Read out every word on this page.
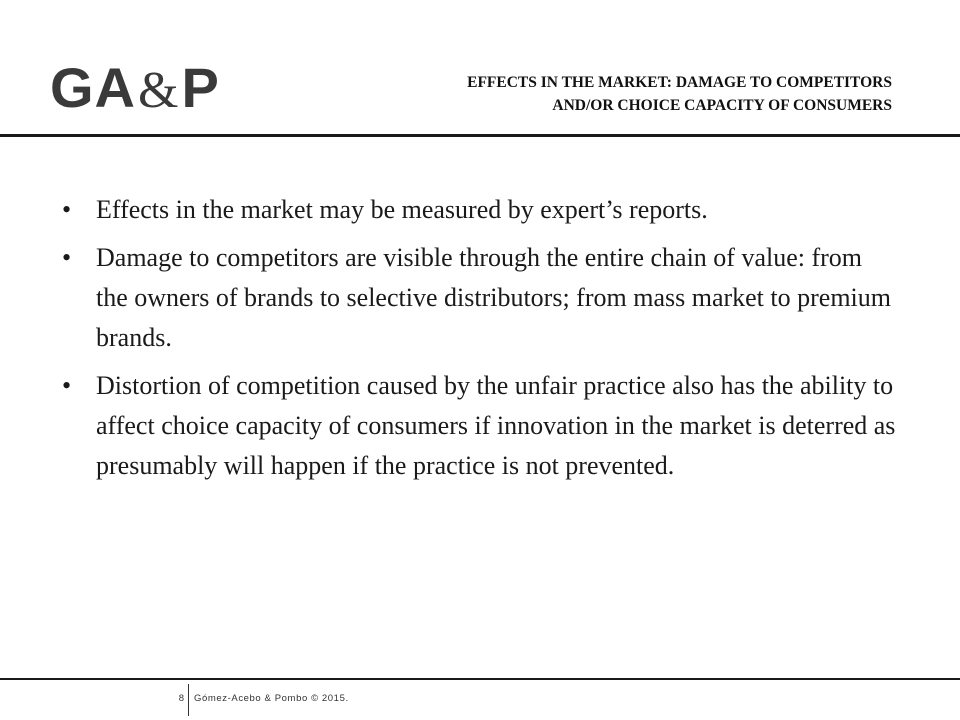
GA&P	EFFECTS IN THE MARKET: DAMAGE TO COMPETITORS
AND/OR CHOICE CAPACITY OF CONSUMERS
• Effects in the market may be measured by expert’s reports.
• Damage to competitors are visible through the entire chain of value: from the owners of brands to selective distributors; from mass market to premium brands.
• Distortion of competition caused by the unfair practice also has the ability to affect choice capacity of consumers if innovation in the market is deterred as presumably will happen if the practice is not prevented.
8 Gómez-Acebo & Pombo © 2015.
